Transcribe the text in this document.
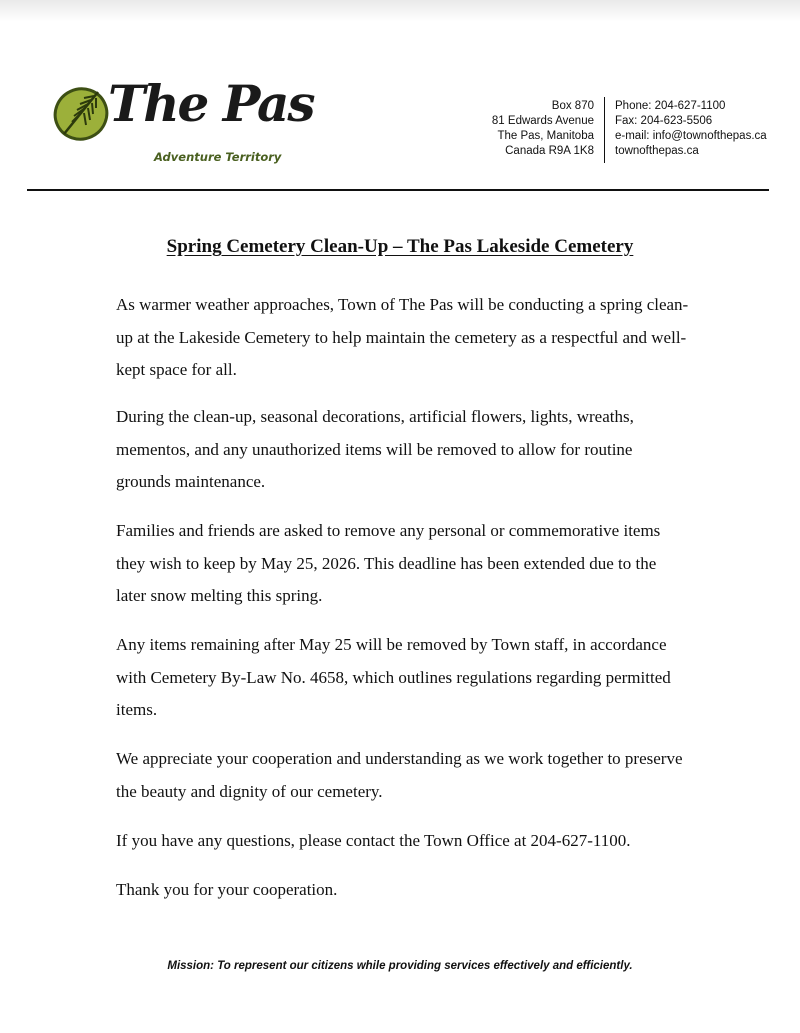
The Pas
Adventure Territory
Box 870
81 Edwards Avenue
The Pas, Manitoba
Canada R9A 1K8
Phone: 204-627-1100
Fax: 204-623-5506
e-mail: info@townofthepas.ca
townofthepas.ca
Spring Cemetery Clean-Up – The Pas Lakeside Cemetery
As warmer weather approaches, Town of The Pas will be conducting a spring clean-up at the Lakeside Cemetery to help maintain the cemetery as a respectful and well-kept space for all.
During the clean-up, seasonal decorations, artificial flowers, lights, wreaths, mementos, and any unauthorized items will be removed to allow for routine grounds maintenance.
Families and friends are asked to remove any personal or commemorative items they wish to keep by May 25, 2026. This deadline has been extended due to the later snow melting this spring.
Any items remaining after May 25 will be removed by Town staff, in accordance with Cemetery By-Law No. 4658, which outlines regulations regarding permitted items.
We appreciate your cooperation and understanding as we work together to preserve the beauty and dignity of our cemetery.
If you have any questions, please contact the Town Office at 204-627-1100.
Thank you for your cooperation.
Mission: To represent our citizens while providing services effectively and efficiently.
